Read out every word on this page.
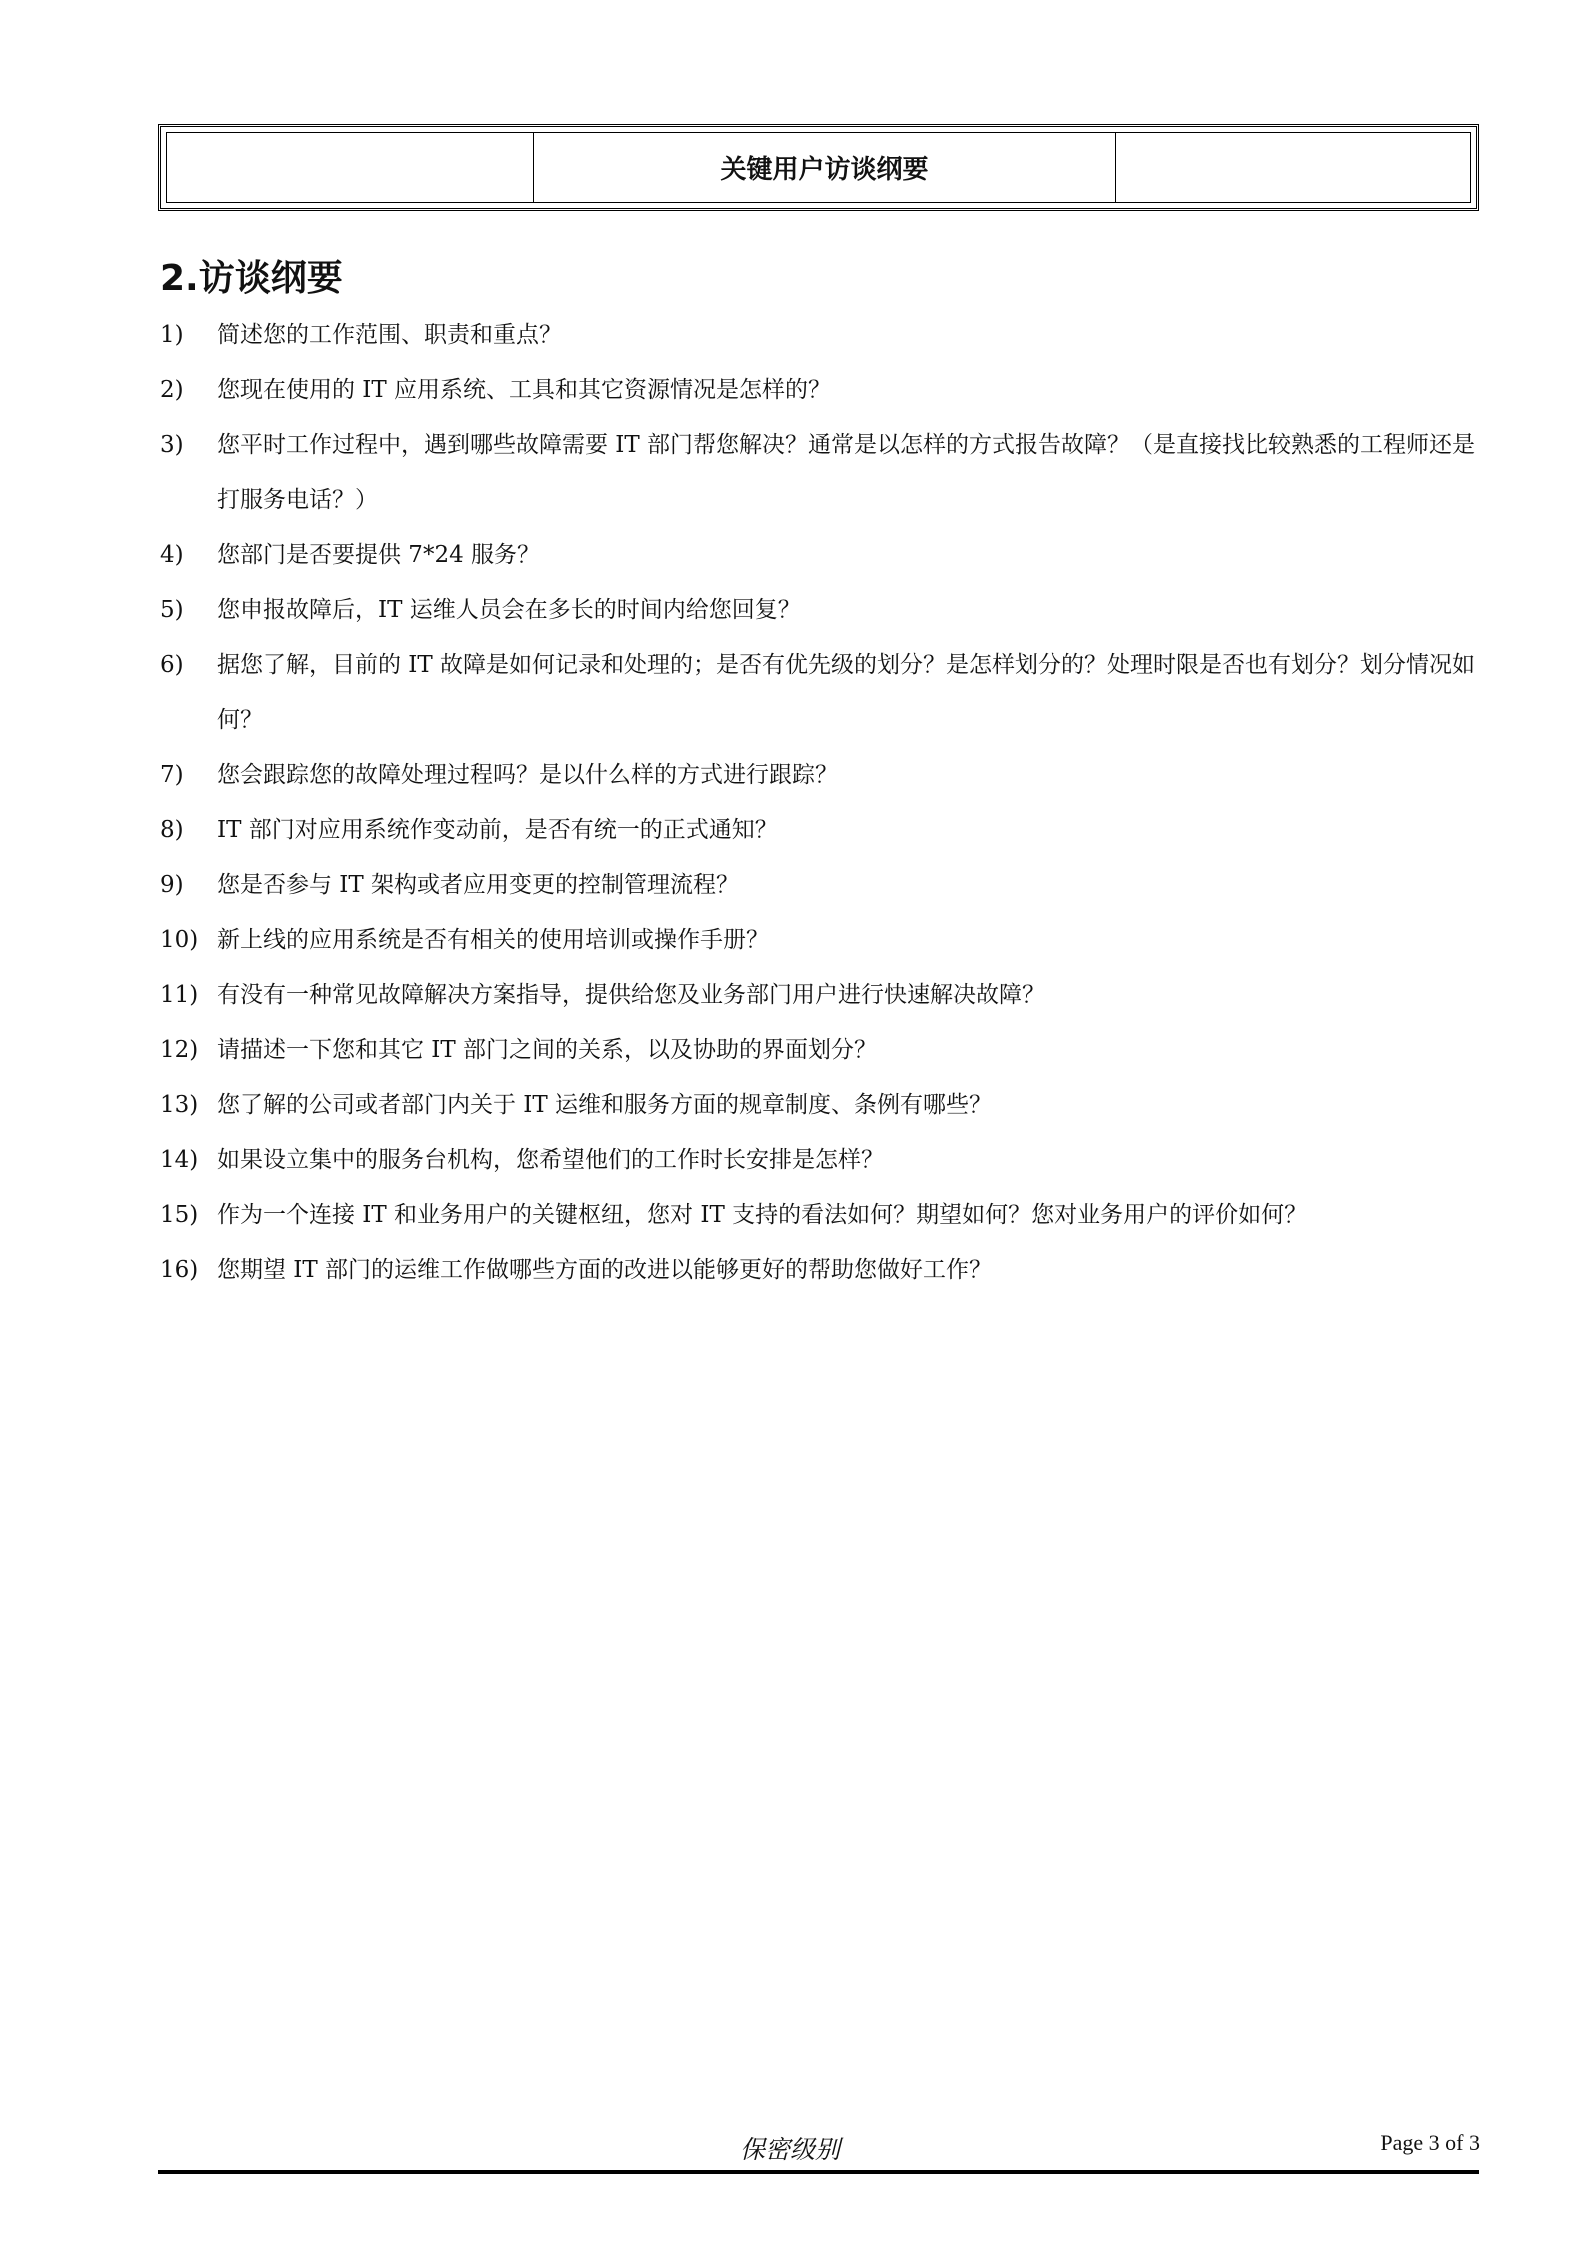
关键用户访谈纲要
2.访谈纲要
1)	简述您的工作范围、职责和重点？
2)	您现在使用的 IT 应用系统、工具和其它资源情况是怎样的？
3)	您平时工作过程中，遇到哪些故障需要 IT 部门帮您解决？通常是以怎样的方式报告故障？（是直接找比较熟悉的工程师还是打服务电话？）
4)	您部门是否要提供 7*24 服务？
5)	您申报故障后，IT 运维人员会在多长的时间内给您回复？
6)	据您了解，目前的 IT 故障是如何记录和处理的；是否有优先级的划分？是怎样划分的？处理时限是否也有划分？划分情况如何？
7)	您会跟踪您的故障处理过程吗？是以什么样的方式进行跟踪？
8)	IT 部门对应用系统作变动前，是否有统一的正式通知？
9)	您是否参与 IT 架构或者应用变更的控制管理流程？
10) 新上线的应用系统是否有相关的使用培训或操作手册？
11) 有没有一种常见故障解决方案指导，提供给您及业务部门用户进行快速解决故障？
12) 请描述一下您和其它 IT 部门之间的关系，以及协助的界面划分？
13) 您了解的公司或者部门内关于 IT 运维和服务方面的规章制度、条例有哪些？
14) 如果设立集中的服务台机构，您希望他们的工作时长安排是怎样？
15) 作为一个连接 IT 和业务用户的关键枢纽，您对 IT 支持的看法如何？期望如何？您对业务用户的评价如何？
16) 您期望 IT 部门的运维工作做哪些方面的改进以能够更好的帮助您做好工作？
保密级别	Page 3 of 3
